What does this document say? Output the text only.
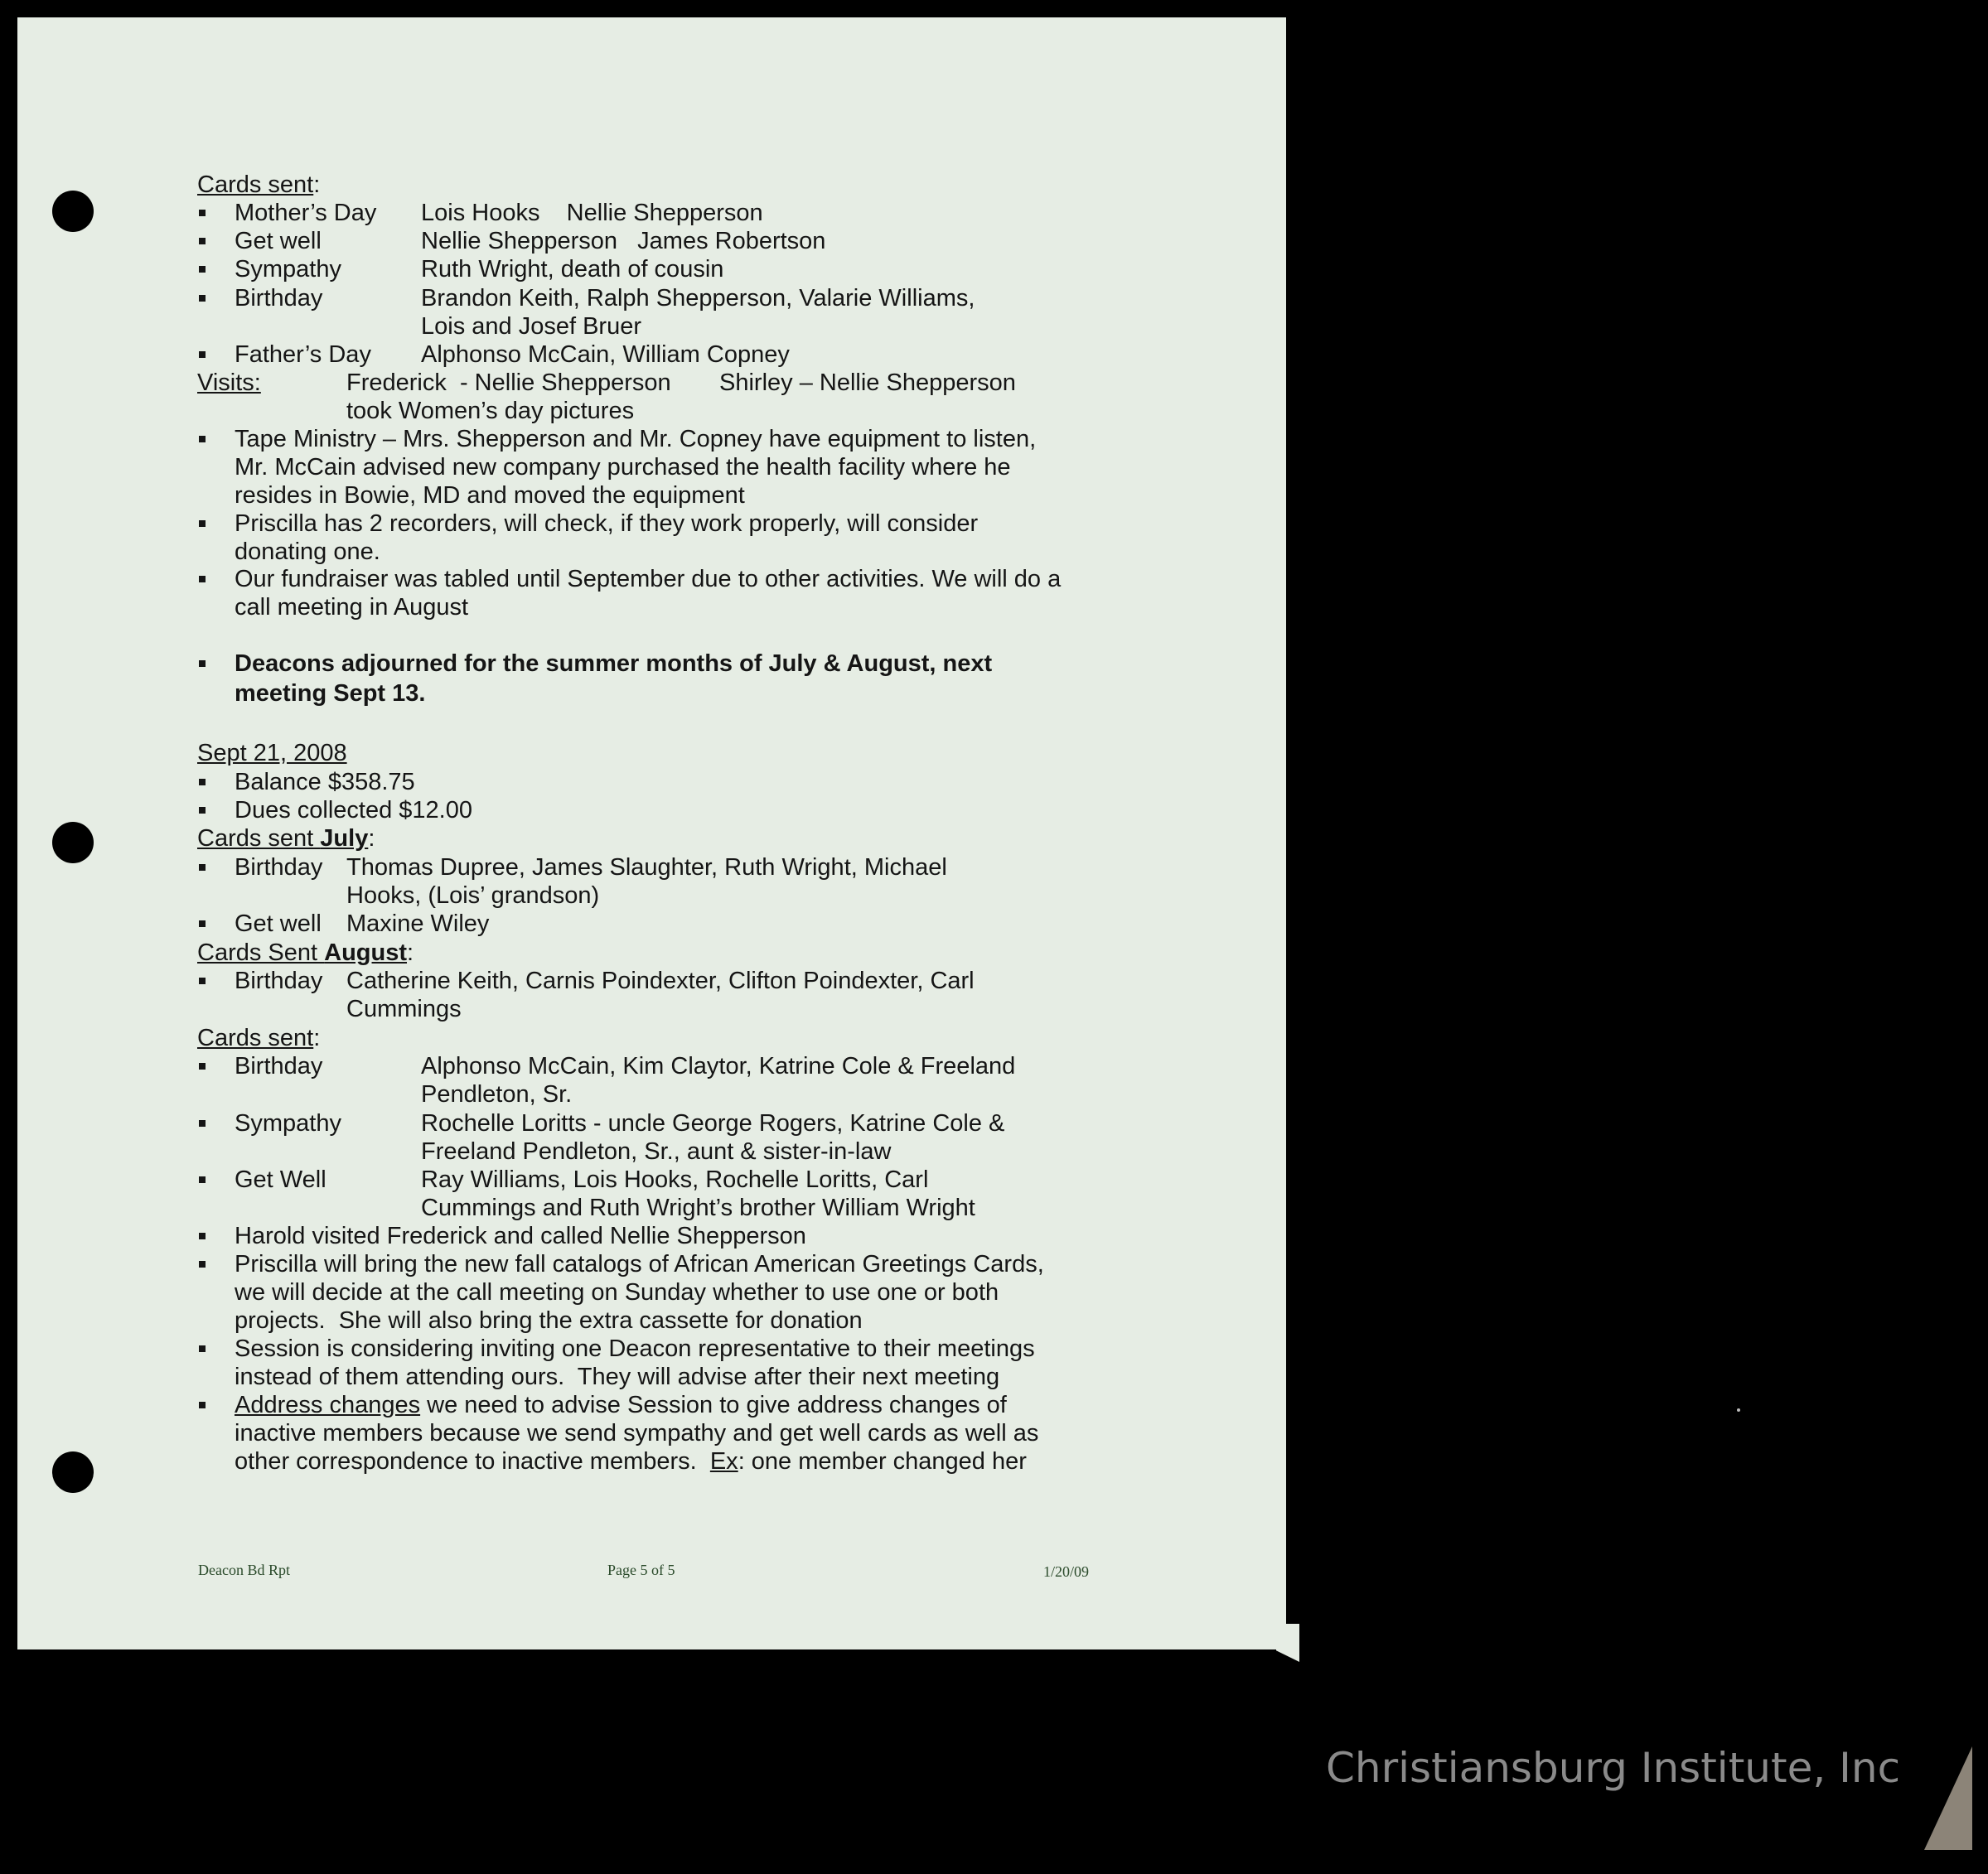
Cards sent:
Mother’s Day Lois Hooks    Nellie Shepperson
Get well	Nellie Shepperson   James Robertson
Sympathy	Ruth Wright, death of cousin
Birthday	Brandon Keith, Ralph Shepperson, Valarie Williams,
Lois and Josef Bruer
Father’s Day Alphonso McCain, William Copney
Visits:	Frederick  - Nellie Shepperson Shirley – Nellie Shepperson
took Women’s day pictures
Tape Ministry – Mrs. Shepperson and Mr. Copney have equipment to listen,
Mr. McCain advised new company purchased the health facility where he
resides in Bowie, MD and moved the equipment
Priscilla has 2 recorders, will check, if they work properly, will consider
donating one.
Our fundraiser was tabled until September due to other activities. We will do a
call meeting in August
Deacons adjourned for the summer months of July & August, next
meeting Sept 13.
Sept 21, 2008
Balance $358.75
Dues collected $12.00
Cards sent July:
Birthday Thomas Dupree, James Slaughter, Ruth Wright, Michael
Hooks, (Lois’ grandson)
Get well Maxine Wiley
Cards Sent August:
Birthday Catherine Keith, Carnis Poindexter, Clifton Poindexter, Carl
Cummings
Cards sent:
Birthday	Alphonso McCain, Kim Claytor, Katrine Cole & Freeland
Pendleton, Sr.
Sympathy	Rochelle Loritts - uncle George Rogers, Katrine Cole &
Freeland Pendleton, Sr., aunt & sister-in-law
Get Well	Ray Williams, Lois Hooks, Rochelle Loritts, Carl
Cummings and Ruth Wright’s brother William Wright
Harold visited Frederick and called Nellie Shepperson
Priscilla will bring the new fall catalogs of African American Greetings Cards,
we will decide at the call meeting on Sunday whether to use one or both
projects.  She will also bring the extra cassette for donation
Session is considering inviting one Deacon representative to their meetings
instead of them attending ours.  They will advise after their next meeting
Address changes we need to advise Session to give address changes of
inactive members because we send sympathy and get well cards as well as
other correspondence to inactive members.  Ex: one member changed her
Deacon Bd Rpt	Page 5 of 5	1/20/09
Christiansburg Institute, Inc
